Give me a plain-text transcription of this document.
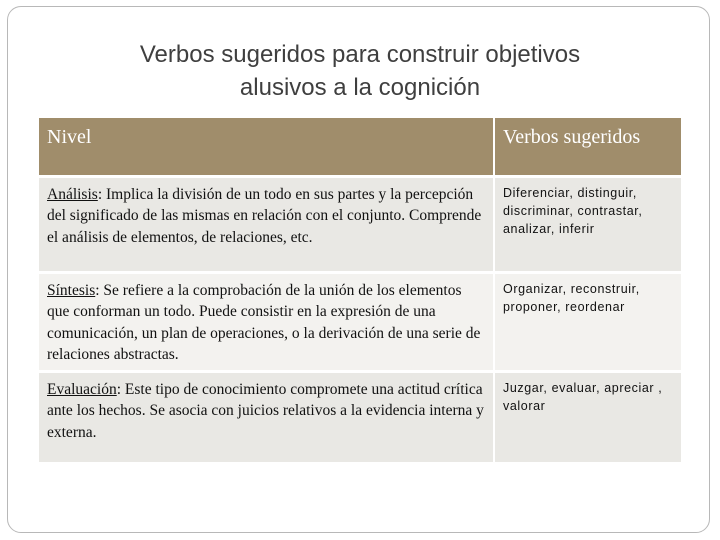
Verbos sugeridos para construir objetivos
alusivos a la cognición
Nivel	Verbos sugeridos
Análisis: Implica la división de un todo en sus partes y la percepción del significado de las mismas en relación con el conjunto. Comprende el análisis de elementos, de relaciones, etc.	Diferenciar, distinguir, discriminar, contrastar, analizar, inferir
Síntesis: Se refiere a la comprobación de la unión de los elementos que conforman un todo. Puede consistir en la expresión de una comunicación, un plan de operaciones, o la derivación de una serie de relaciones abstractas.	Organizar, reconstruir, proponer, reordenar
Evaluación: Este tipo de conocimiento compromete una actitud crítica ante los hechos. Se asocia con juicios relativos a la evidencia interna y externa.	Juzgar, evaluar, apreciar , valorar
